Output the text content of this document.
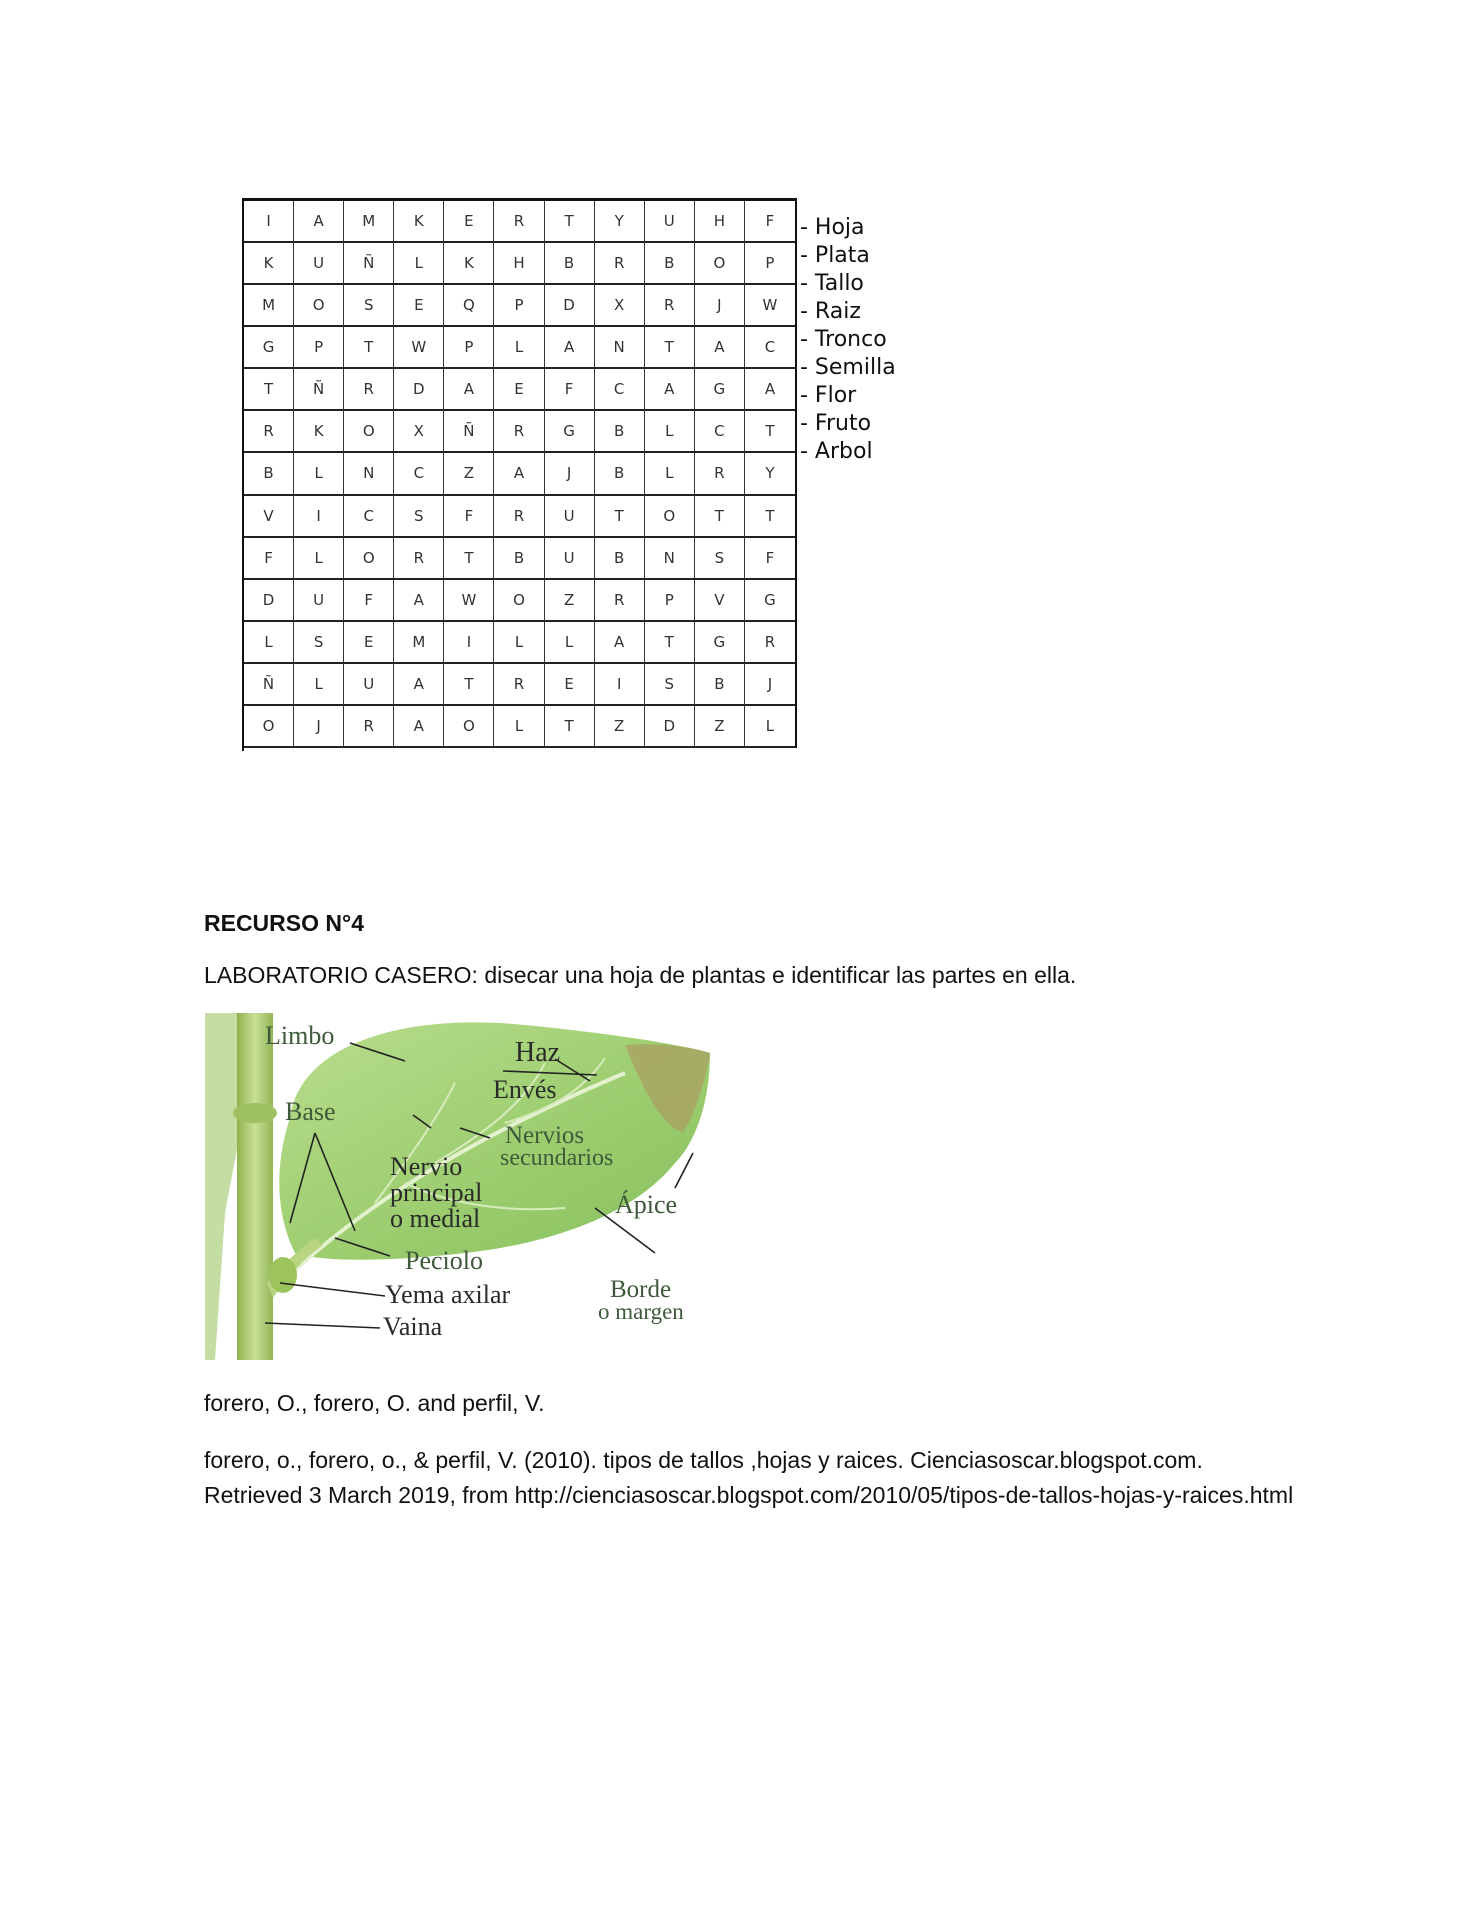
I	A	M	K	E	R	T	Y	U	H	F
K	U	Ñ	L	K	H	B	R	B	O	P
M	O	S	E	Q	P	D	X	R	J	W
G	P	T	W	P	L	A	N	T	A	C
T	Ñ	R	D	A	E	F	C	A	G	A
R	K	O	X	Ñ	R	G	B	L	C	T
B	L	N	C	Z	A	J	B	L	R	Y
V	I	C	S	F	R	U	T	O	T	T
F	L	O	R	T	B	U	B	N	S	F
D	U	F	A	W	O	Z	R	P	V	G
L	S	E	M	I	L	L	A	T	G	R
Ñ	L	U	A	T	R	E	I	S	B	J
O	J	R	A	O	L	T	Z	D	Z	L
- Hoja
- Plata
- Tallo
- Raiz
- Tronco
- Semilla
- Flor
- Fruto
- Arbol

RECURSO N°4

LABORATORIO CASERO: disecar una hoja de plantas e identificar las partes en ella.

Limbo
Haz
Envés
Base
Nervios
secundarios
Nervio
principal
o medial	Ápice
Peciolo
Yema axilar
Vaina
Borde
o margen

forero, O., forero, O. and perfil, V.

forero, o., forero, o., & perfil, V. (2010). tipos de tallos ,hojas y raices. Cienciasoscar.blogspot.com. Retrieved 3 March 2019, from http://cienciasoscar.blogspot.com/2010/05/tipos-de-tallos-hojas-y-raices.html
